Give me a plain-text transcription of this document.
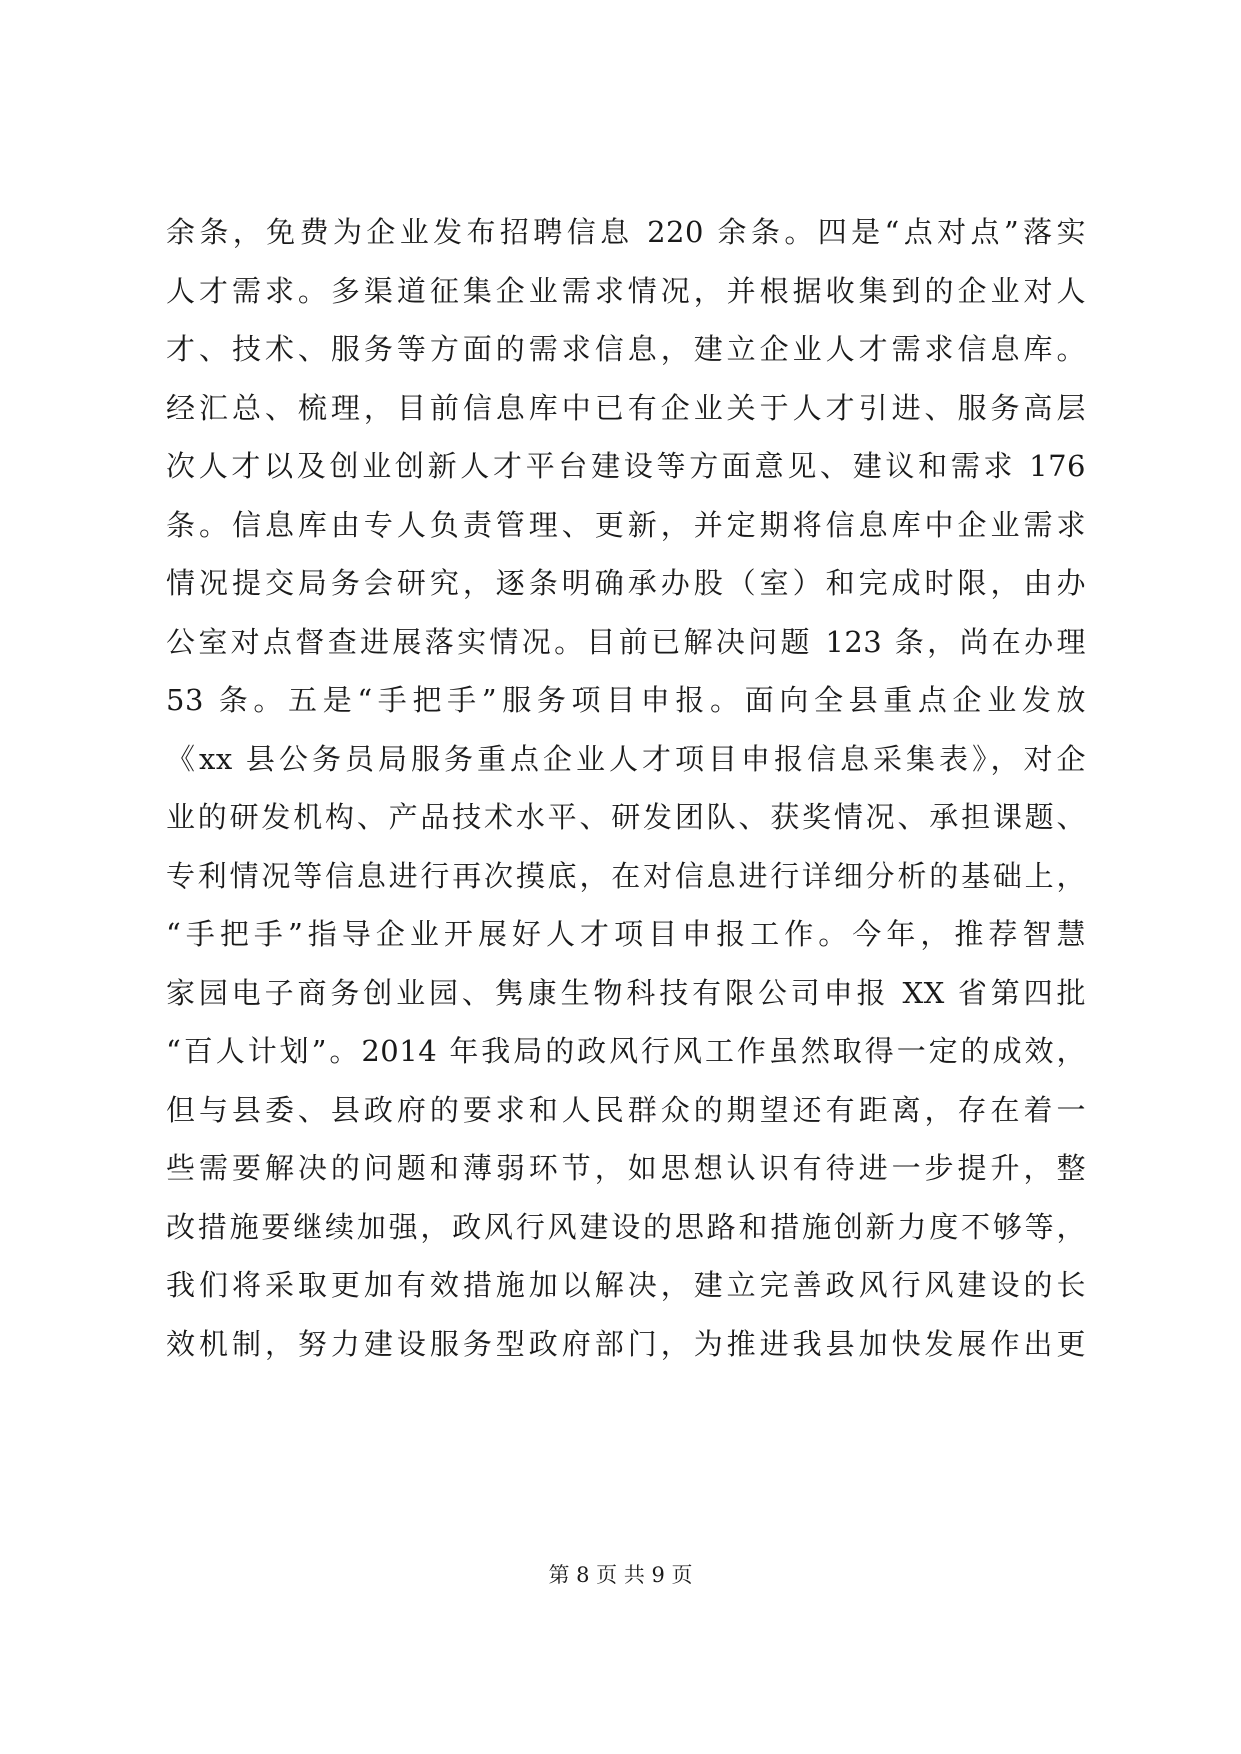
余条，免费为企业发布招聘信息 220 余条。四是“点对点”落实
人才需求。多渠道征集企业需求情况，并根据收集到的企业对人
才、技术、服务等方面的需求信息，建立企业人才需求信息库。
经汇总、梳理，目前信息库中已有企业关于人才引进、服务高层
次人才以及创业创新人才平台建设等方面意见、建议和需求 176
条。信息库由专人负责管理、更新，并定期将信息库中企业需求
情况提交局务会研究，逐条明确承办股（室）和完成时限，由办
公室对点督查进展落实情况。目前已解决问题 123 条，尚在办理
53 条。五是“手把手”服务项目申报。面向全县重点企业发放
《xx 县公务员局服务重点企业人才项目申报信息采集表》，对企
业的研发机构、产品技术水平、研发团队、获奖情况、承担课题、
专利情况等信息进行再次摸底，在对信息进行详细分析的基础上，
“手把手”指导企业开展好人才项目申报工作。今年，推荐智慧
家园电子商务创业园、隽康生物科技有限公司申报 XX 省第四批
“百人计划”。2014 年我局的政风行风工作虽然取得一定的成效，
但与县委、县政府的要求和人民群众的期望还有距离，存在着一
些需要解决的问题和薄弱环节，如思想认识有待进一步提升，整
改措施要继续加强，政风行风建设的思路和措施创新力度不够等，
我们将采取更加有效措施加以解决，建立完善政风行风建设的长
效机制，努力建设服务型政府部门，为推进我县加快发展作出更
第 8 页 共 9 页
